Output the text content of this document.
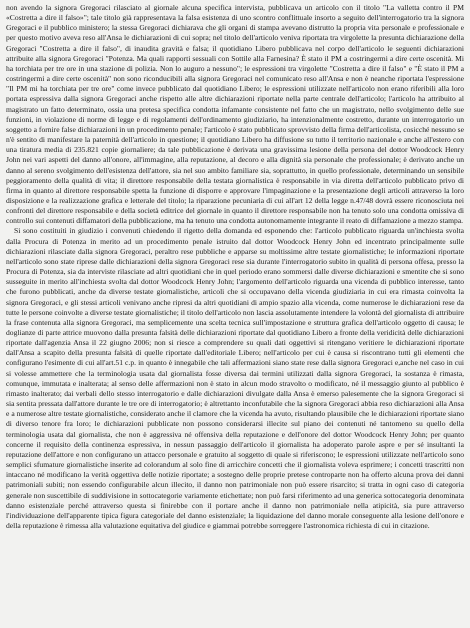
non avendo la signora Gregoraci rilasciato al giornale alcuna specifica intervista, pubblicava un articolo con il titolo "La valletta contro il PM «Costretta a dire il falso»"; tale titolo già rappresentava la falsa esistenza di uno scontro conflittuale insorto a seguito dell'interrogatorio tra la signora Gregoraci e il pubblico ministero; la stessa Gregoraci dichiarava che gli organi di stampa avevano distrutto la propria vita personale e professionale e per questo motivo aveva reso all'Ansa le dichiarazioni di cui sopra; nel titolo dell'articolo veniva riportata tra virgolette la presunta dichiarazione della Gregoraci "Costretta a dire il falso", di inaudita gravità e falsa; il quotidiano Libero pubblicava nel corpo dell'articolo le seguenti dichiarazioni attribuite alla signora Gregoraci "Potenza. Ma quali rapporti sessuali con Sottile alla Farnesina? È stato il PM a costringermi a dire certe oscenità. Mi ha torchiata per tre ore in una stazione di polizia. Non lo auguro a nessuno"; le espressioni tra virgolette "Costretta a dire il falso" e "È stato il PM a costringermi a dire certe oscenità" non sono riconducibili alla signora Gregoraci nel comunicato reso all'Ansa e non è neanche riportata l'espressione "Il PM mi ha torchiata per tre ore" come invece pubblicato dal quotidiano Libero; le espressioni utilizzate nell'articolo non erano riferibili alla loro portata espressiva dalla signora Gregoraci anche rispetto alle altre dichiarazioni riportate nella parte centrale dell'articolo; l'articolo ha attribuito al magistrato un fatto determinato, ossia una pretesa specifica condotta infamante consistente nel fatto che un magistrato, nello svolgimento delle sue funzioni, in violazione di norme di legge e di regolamenti dell'ordinamento giudiziario, ha intenzionalmente costretto, durante un interrogatorio un soggetto a fornire false dichiarazioni in un procedimento penale; l'articolo è stato pubblicato sprovvisto della firma dell'articolista, cosicché nessuno se n'è sentito di manifestare la paternità dell'articolo in questione; il quotidiano Libero ha diffusione su tutto il territorio nazionale e anche all'estero con una tiratura media di 235.821 copie giornaliere; da tale pubblicazione è derivata una gravissima lesione della persona del dottor Woodcock Henry John nei vari aspetti del danno all'onore, all'immagine, alla reputazione, al decoro e alla dignità sia personale che professionale; è derivato anche un danno al sereno svolgimento dell'esistenza dell'attore, sia nel suo ambito familiare sia, soprattutto, in quello professionale, determinando un sensibile peggioramento della qualità di vita; il direttore responsabile della testata giornalistica è responsabile in via diretta dell'articolo pubblicato privo di firma in quanto al direttore responsabile spetta la funzione di disporre e approvare l'impaginazione e la presentazione degli articoli attraverso la loro disposizione e la realizzazione grafica e letterale del titolo; la riparazione pecuniaria di cui all'art 12 della legge n.47/48 dovrà essere riconosciuta nei confronti del direttore responsabile e della società editrice del giornale in quanto il direttore responsabile non ha tenuto solo una condotta omissiva di controllo sui contenuti diffamatori della pubblicazione, ma ha tenuto una condotta autonomamente integrante il reato di diffamazione a mezzo stampa.

Si sono costituiti in giudizio i convenuti chiedendo il rigetto della domanda ed esponendo che: l'articolo pubblicato riguarda un'inchiesta svolta dalla Procura di Potenza in merito ad un procedimento penale istruito dal dottor Woodcock Henry John ed incentrato principalmente sulle dichiarazioni rilasciate dalla signora Gregoraci, peraltro rese pubbliche e apparse su moltissime altre testate giornalistiche; le informazioni riportate nell'articolo sono state riprese dalle dichiarazioni della signora Gregoraci rese sia durante l'interrogatorio subito in qualità di persona offesa, presso la Procura di Potenza, sia da interviste rilasciate ad altri quotidiani che in quel periodo erano sommersi dalle diverse dichiarazioni e smentite che si sono susseguite in merito all'inchiesta svolta dal dottor Woodcock Henry John; l'argomento dell'articolo riguarda una vicenda di pubblico interesse, tanto che furono pubblicati, anche da diverse testate giornalistiche, articoli che si occupavano della vicenda giudiziaria in cui era rimasta coinvolta la signora Gregoraci, e gli stessi articoli venivano anche ripresi da altri quotidiani di ampio spazio alla vicenda, come numerose le dichiarazioni rese da tutte le persone coinvolte a diverse testate giornalistiche; il titolo dell'articolo non lascia assolutamente intendere la volontà del giornalista di attribuire la frase contenuta alla signora Gregoraci, ma semplicemente una scelta tecnica sull'impostazione e struttura grafica dell'articolo oggetto di causa; le doglianze di parte attrice muovono dalla presunta falsità delle dichiarazioni riportate dal quotidiano Libero a fronte della veridicità delle dichiarazioni riportate dall'agenzia Ansa il 22 giugno 2006; non si riesce a comprendere su quali dati oggettivi si ritengano veritiere le dichiarazioni riportate dall'Ansa a scapito della presunta falsità di quelle riportate dall'editoriale Libero; nell'articolo per cui è causa si riscontrano tutti gli elementi che configurano l'esimente di cui all'art.51 c.p. in quanto è innegabile che tali affermazioni siano state rese dalla signora Gregoraci e,anche nel caso in cui si volesse ammettere che la terminologia usata dal giornalista fosse diversa dai termini utilizzati dalla signora Gregoraci, la sostanza è rimasta, comunque, immutata e inalterata; al senso delle affermazioni non è stato in alcun modo stravolto o modificato, né il messaggio giunto al pubblico è rimasto inalterato; dai verbali dello stesso interrogatorio e dalle dichiarazioni divulgate dalla Ansa è emerso palesemente che la signora Gregoraci si sia sentita pressata dall'attore durante le tre ore di interrogatorio; è altrettanto inconfutabile che la signora Gregoraci abbia reso dichiarazioni alla Ansa e a numerose altre testate giornalistiche, considerato anche il clamore che la vicenda ha avuto, risultando plausibile che le dichiarazioni riportate siano di diverso tenore fra loro; le dichiarazioni pubblicate non possono considerarsi illecite sul piano dei contenuti né tantomeno su quello della terminologia usata dal giornalista, che non è aggressiva né offensiva della reputazione e dell'onore del dottor Woodcock Henry John; per quanto concerne il requisito della continenza espressiva, in nessun passaggio dell'articolo il giornalista ha adoperato parole aspre e per sé insultanti la reputazione dell'attore e non configurano un attacco personale e gratuito al soggetto di quale si riferiscono; le espressioni utilizzate nell'articolo sono semplici sfumature giornalistiche inserite ad colorandum al solo fine di arricchire concetti che il giornalista voleva esprimere; i concetti trascritti non intaccano né modificano la verità oggettiva delle notizie riportate; a sostegno delle proprie pretese controparte non ha offerto alcuna prova dei danni patrimoniali subiti; non essendo configurabile alcun illecito, il danno non patrimoniale non può essere risarcito; si tratta in ogni caso di categoria generale non suscettibile di suddivisione in sottocategorie variamente etichettate; non può farsi riferimento ad una generica sottocategoria denominata danno esistenziale perché attraverso questa si finirebbe con il portare anche il danno non patrimoniale nella atipicità, sia pure attraverso l'individuazione dell'apparente tipica figura categoriale del danno esistenziale; la liquidazione del danno morale conseguente alla lesione dell'onore e della reputazione è rimessa alla valutazione equitativa del giudice e giammai potrebbe sorreggere l'astronomica richiesta di cui in citazione.
